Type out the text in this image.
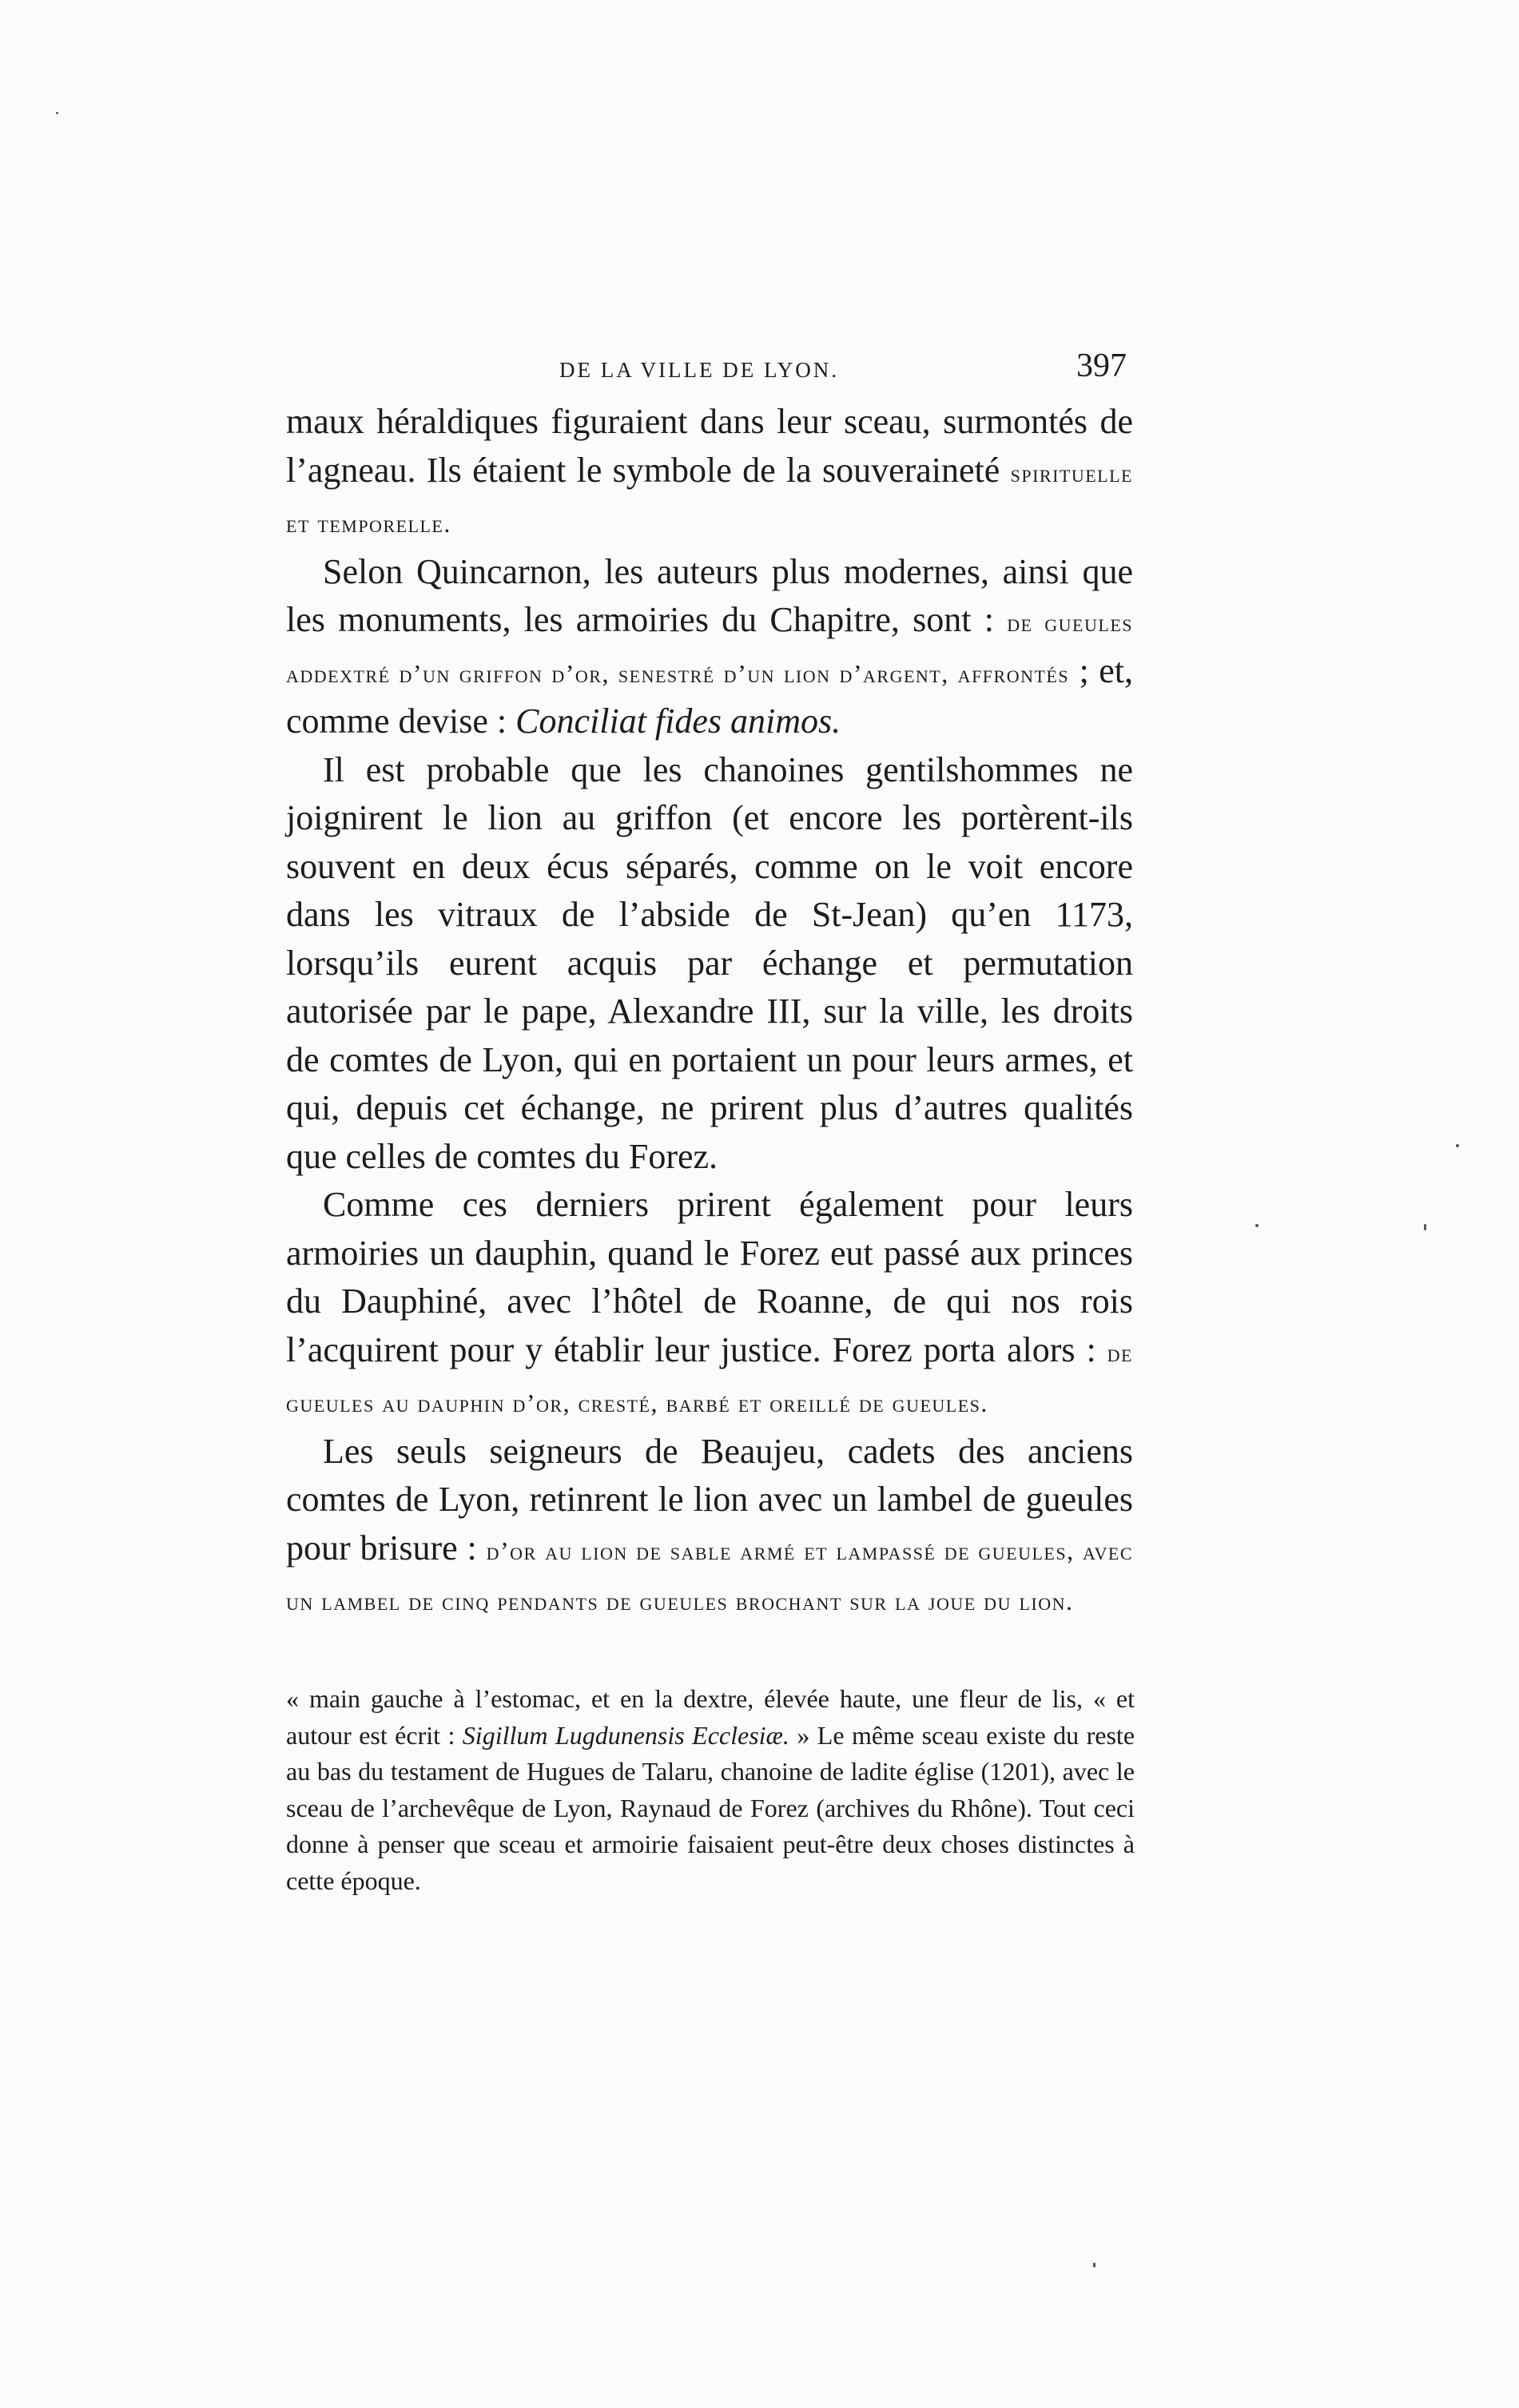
DE LA VILLE DE LYON.	397

maux héraldiques figuraient dans leur sceau, surmontés de l’agneau. Ils étaient le symbole de la souveraineté spirituelle et temporelle.

Selon Quincarnon, les auteurs plus modernes, ainsi que les monuments, les armoiries du Chapitre, sont : de gueules addextré d’un griffon d’or, senestré d’un lion d’argent, affrontés ; et, comme devise : Conciliat fides animos.

Il est probable que les chanoines gentilshommes ne joignirent le lion au griffon (et encore les portèrent-ils souvent en deux écus séparés, comme on le voit encore dans les vitraux de l’abside de St-Jean) qu’en 1173, lorsqu’ils eurent acquis par échange et permutation autorisée par le pape, Alexandre III, sur la ville, les droits de comtes de Lyon, qui en portaient un pour leurs armes, et qui, depuis cet échange, ne prirent plus d’autres qualités que celles de comtes du Forez.

Comme ces derniers prirent également pour leurs armoiries un dauphin, quand le Forez eut passé aux princes du Dauphiné, avec l’hôtel de Roanne, de qui nos rois l’acquirent pour y établir leur justice. Forez porta alors : de gueules au dauphin d’or, cresté, barbé et oreillé de gueules.

Les seuls seigneurs de Beaujeu, cadets des anciens comtes de Lyon, retinrent le lion avec un lambel de gueules pour brisure : d’or au lion de sable armé et lampassé de gueules, avec un lambel de cinq pendants de gueules brochant sur la joue du lion.

« main gauche à l’estomac, et en la dextre, élevée haute, une fleur de lis, « et autour est écrit : Sigillum Lugdunensis Ecclesiæ. » Le même sceau existe du reste au bas du testament de Hugues de Talaru, chanoine de ladite église (1201), avec le sceau de l’archevêque de Lyon, Raynaud de Forez (archives du Rhône). Tout ceci donne à penser que sceau et armoirie faisaient peut-être deux choses distinctes à cette époque.
